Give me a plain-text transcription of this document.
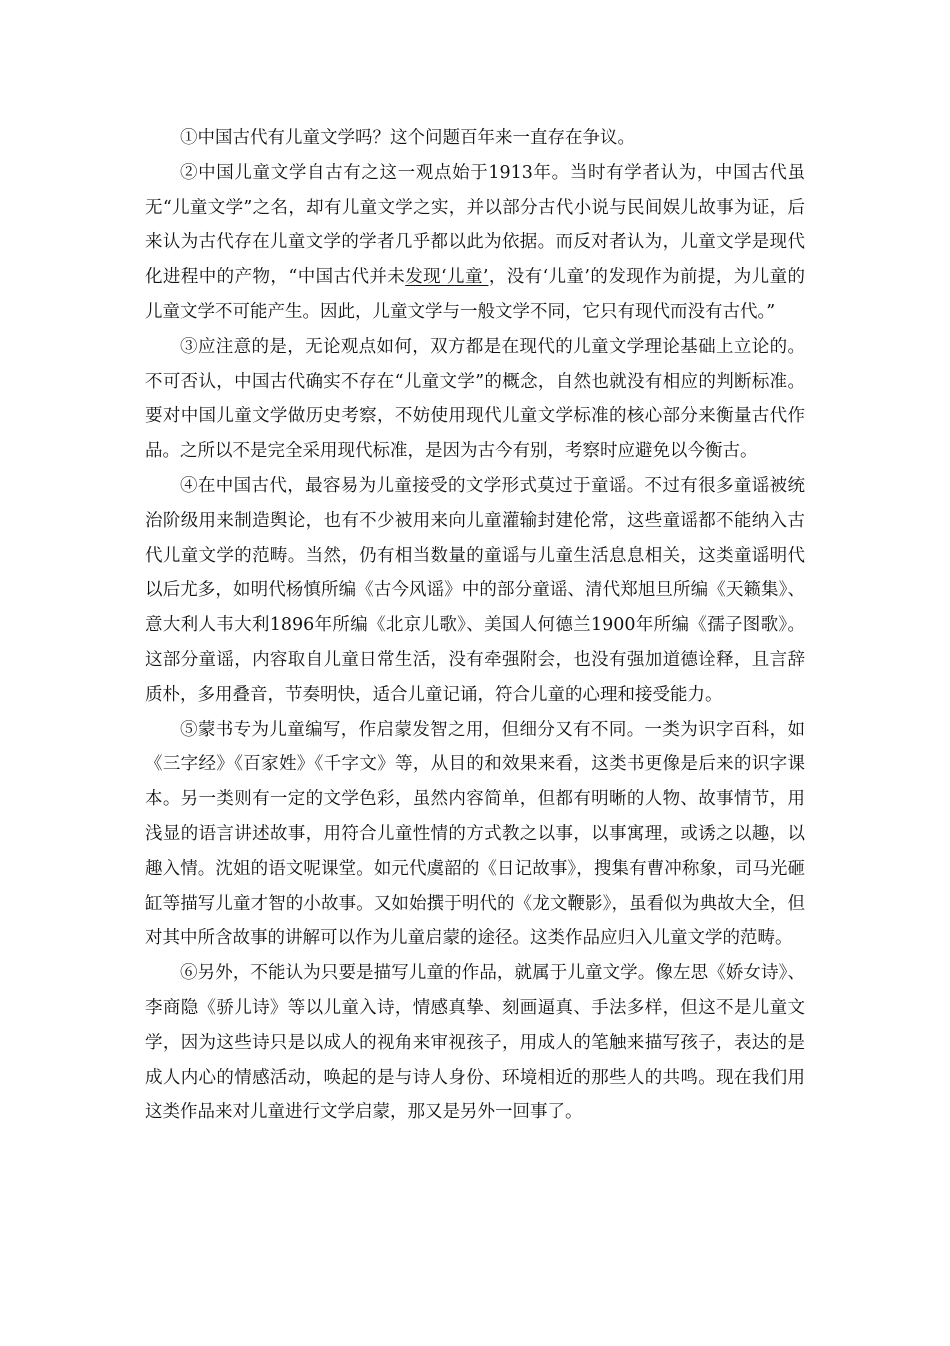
①中国古代有儿童文学吗？这个问题百年来一直存在争议。

②中国儿童文学自古有之这一观点始于1913年。当时有学者认为，中国古代虽无“儿童文学”之名，却有儿童文学之实，并以部分古代小说与民间娱儿故事为证，后来认为古代存在儿童文学的学者几乎都以此为依据。而反对者认为，儿童文学是现代化进程中的产物，“中国古代并未发现‘儿童’，没有‘儿童’的发现作为前提，为儿童的儿童文学不可能产生。因此，儿童文学与一般文学不同，它只有现代而没有古代。”

③应注意的是，无论观点如何，双方都是在现代的儿童文学理论基础上立论的。不可否认，中国古代确实不存在“儿童文学”的概念，自然也就没有相应的判断标准。要对中国儿童文学做历史考察，不妨使用现代儿童文学标准的核心部分来衡量古代作品。之所以不是完全采用现代标准，是因为古今有别，考察时应避免以今衡古。

④在中国古代，最容易为儿童接受的文学形式莫过于童谣。不过有很多童谣被统治阶级用来制造舆论，也有不少被用来向儿童灌输封建伦常，这些童谣都不能纳入古代儿童文学的范畴。当然，仍有相当数量的童谣与儿童生活息息相关，这类童谣明代以后尤多，如明代杨慎所编《古今风谣》中的部分童谣、清代郑旭旦所编《天籁集》、意大利人韦大利1896年所编《北京儿歌》、美国人何德兰1900年所编《孺子图歌》。这部分童谣，内容取自儿童日常生活，没有牵强附会，也没有强加道德诠释，且言辞质朴，多用叠音，节奏明快，适合儿童记诵，符合儿童的心理和接受能力。

⑤蒙书专为儿童编写，作启蒙发智之用，但细分又有不同。一类为识字百科，如《三字经》《百家姓》《千字文》等，从目的和效果来看，这类书更像是后来的识字课本。另一类则有一定的文学色彩，虽然内容简单，但都有明晰的人物、故事情节，用浅显的语言讲述故事，用符合儿童性情的方式教之以事，以事寓理，或诱之以趣，以趣入情。沈姐的语文呢课堂。如元代虞韶的《日记故事》，搜集有曹冲称象，司马光砸缸等描写儿童才智的小故事。又如始撰于明代的《龙文鞭影》，虽看似为典故大全，但对其中所含故事的讲解可以作为儿童启蒙的途径。这类作品应归入儿童文学的范畴。

⑥另外，不能认为只要是描写儿童的作品，就属于儿童文学。像左思《娇女诗》、李商隐《骄儿诗》等以儿童入诗，情感真挚、刻画逼真、手法多样，但这不是儿童文学，因为这些诗只是以成人的视角来审视孩子，用成人的笔触来描写孩子，表达的是成人内心的情感活动，唤起的是与诗人身份、环境相近的那些人的共鸣。现在我们用这类作品来对儿童进行文学启蒙，那又是另外一回事了。
